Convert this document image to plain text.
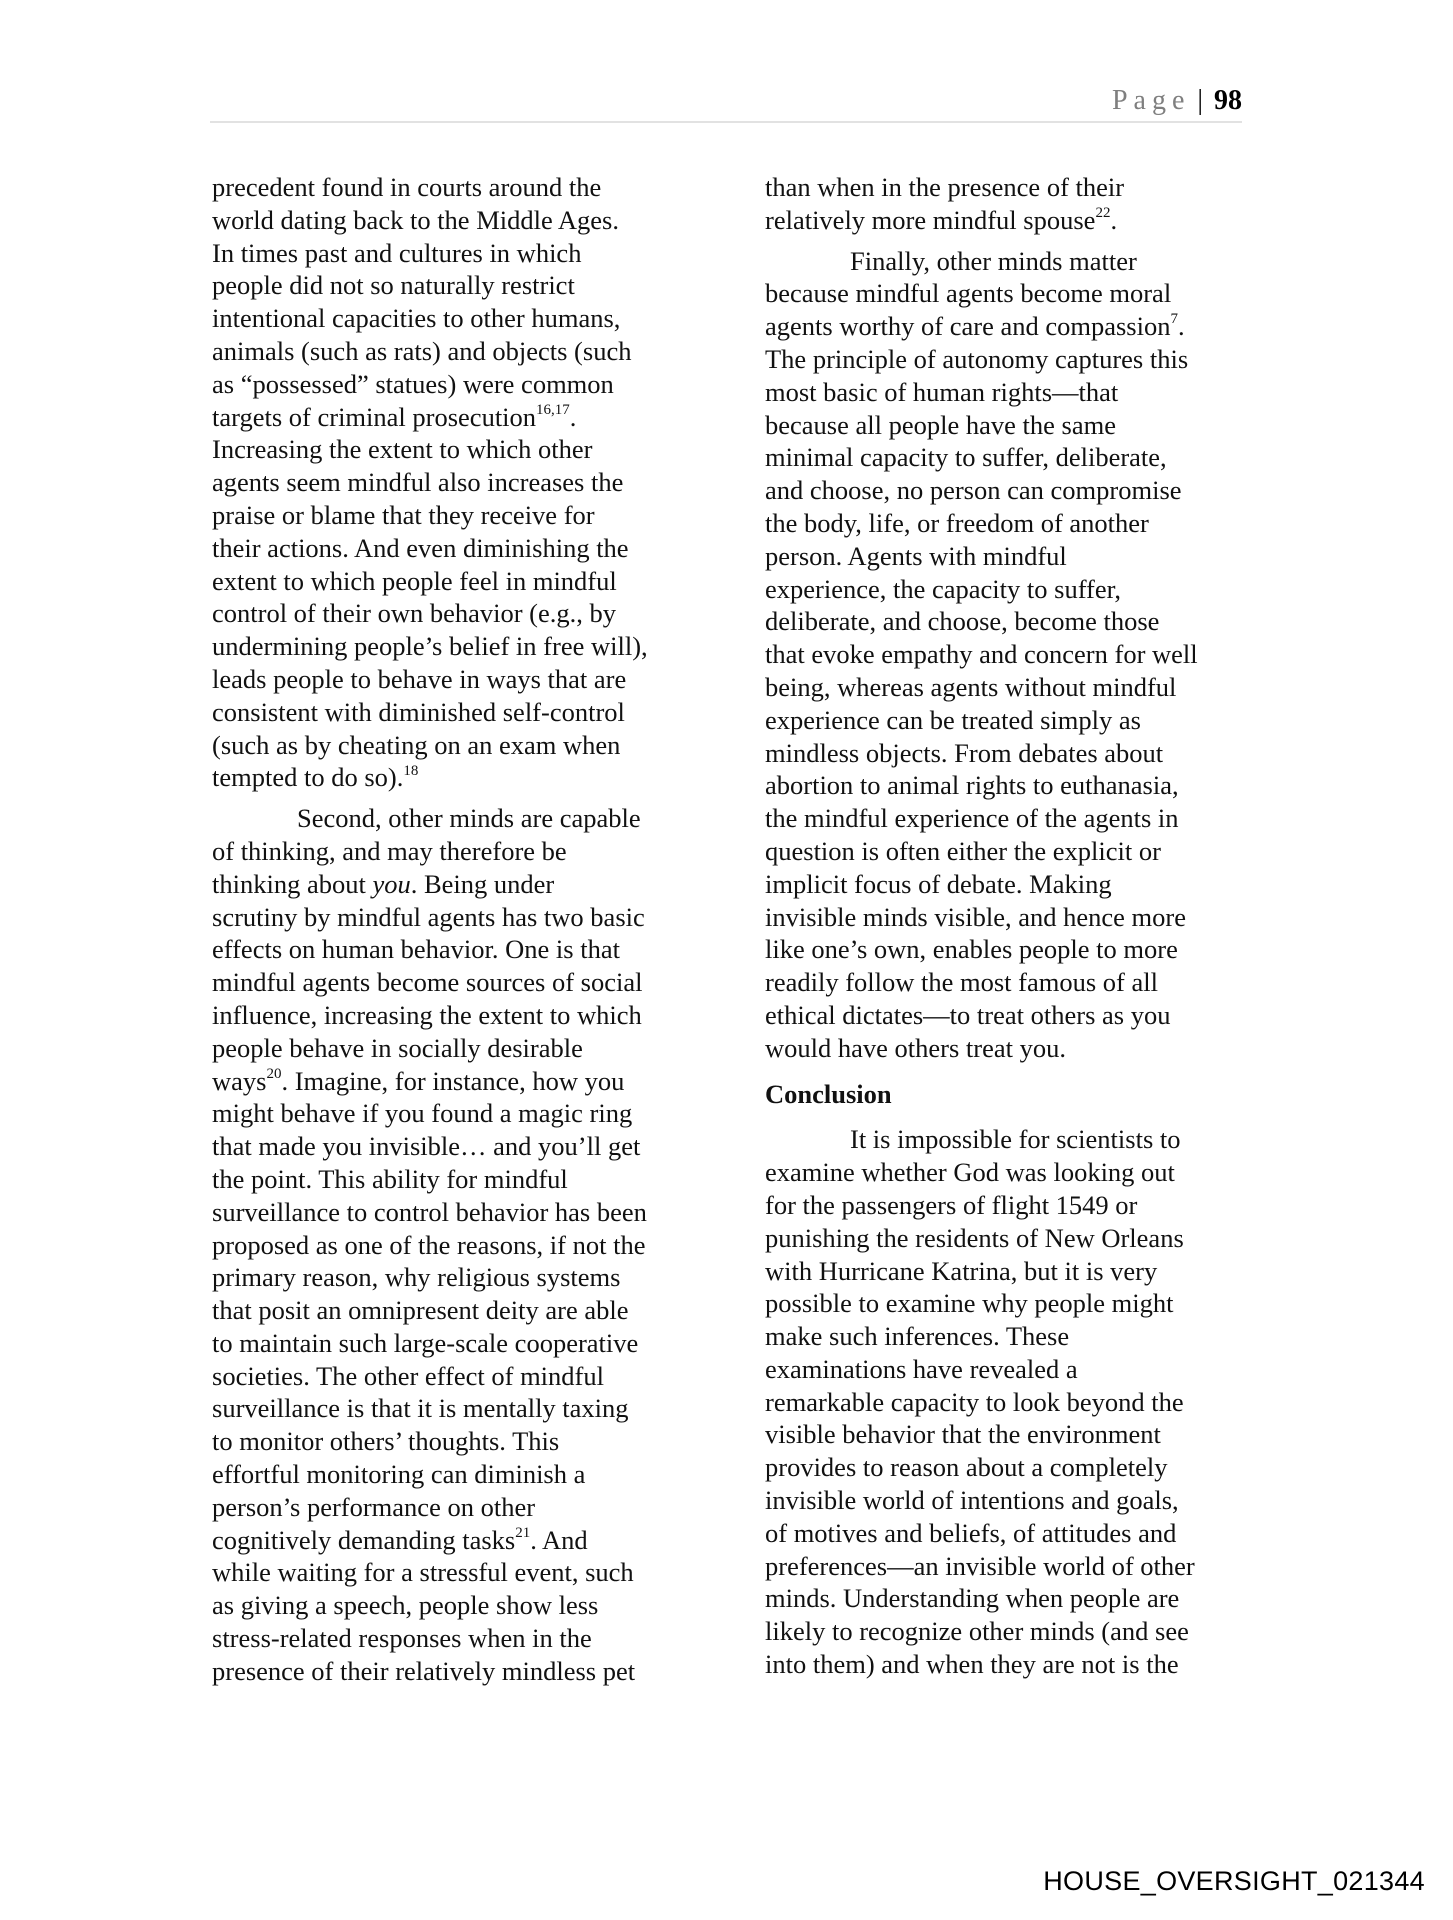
Page | 98
precedent found in courts around the
world dating back to the Middle Ages.
In times past and cultures in which
people did not so naturally restrict
intentional capacities to other humans,
animals (such as rats) and objects (such
as “possessed” statues) were common
targets of criminal prosecution$^{16,17}$.
Increasing the extent to which other
agents seem mindful also increases the
praise or blame that they receive for
their actions. And even diminishing the
extent to which people feel in mindful
control of their own behavior (e.g., by
undermining people’s belief in free will),
leads people to behave in ways that are
consistent with diminished self-control
(such as by cheating on an exam when
tempted to do so).$^{18}$
Second, other minds are capable
of thinking, and may therefore be
thinking about you. Being under
scrutiny by mindful agents has two basic
effects on human behavior. One is that
mindful agents become sources of social
influence, increasing the extent to which
people behave in socially desirable
ways$^{20}$. Imagine, for instance, how you
might behave if you found a magic ring
that made you invisible… and you’ll get
the point. This ability for mindful
surveillance to control behavior has been
proposed as one of the reasons, if not the
primary reason, why religious systems
that posit an omnipresent deity are able
to maintain such large-scale cooperative
societies. The other effect of mindful
surveillance is that it is mentally taxing
to monitor others’ thoughts. This
effortful monitoring can diminish a
person’s performance on other
cognitively demanding tasks$^{21}$. And
while waiting for a stressful event, such
as giving a speech, people show less
stress-related responses when in the
presence of their relatively mindless pet
than when in the presence of their
relatively more mindful spouse$^{22}$.
Finally, other minds matter
because mindful agents become moral
agents worthy of care and compassion$^7$.
The principle of autonomy captures this
most basic of human rights—that
because all people have the same
minimal capacity to suffer, deliberate,
and choose, no person can compromise
the body, life, or freedom of another
person. Agents with mindful
experience, the capacity to suffer,
deliberate, and choose, become those
that evoke empathy and concern for well
being, whereas agents without mindful
experience can be treated simply as
mindless objects. From debates about
abortion to animal rights to euthanasia,
the mindful experience of the agents in
question is often either the explicit or
implicit focus of debate. Making
invisible minds visible, and hence more
like one’s own, enables people to more
readily follow the most famous of all
ethical dictates—to treat others as you
would have others treat you.
Conclusion
It is impossible for scientists to
examine whether God was looking out
for the passengers of flight 1549 or
punishing the residents of New Orleans
with Hurricane Katrina, but it is very
possible to examine why people might
make such inferences. These
examinations have revealed a
remarkable capacity to look beyond the
visible behavior that the environment
provides to reason about a completely
invisible world of intentions and goals,
of motives and beliefs, of attitudes and
preferences—an invisible world of other
minds. Understanding when people are
likely to recognize other minds (and see
into them) and when they are not is the
HOUSE_OVERSIGHT_021344
